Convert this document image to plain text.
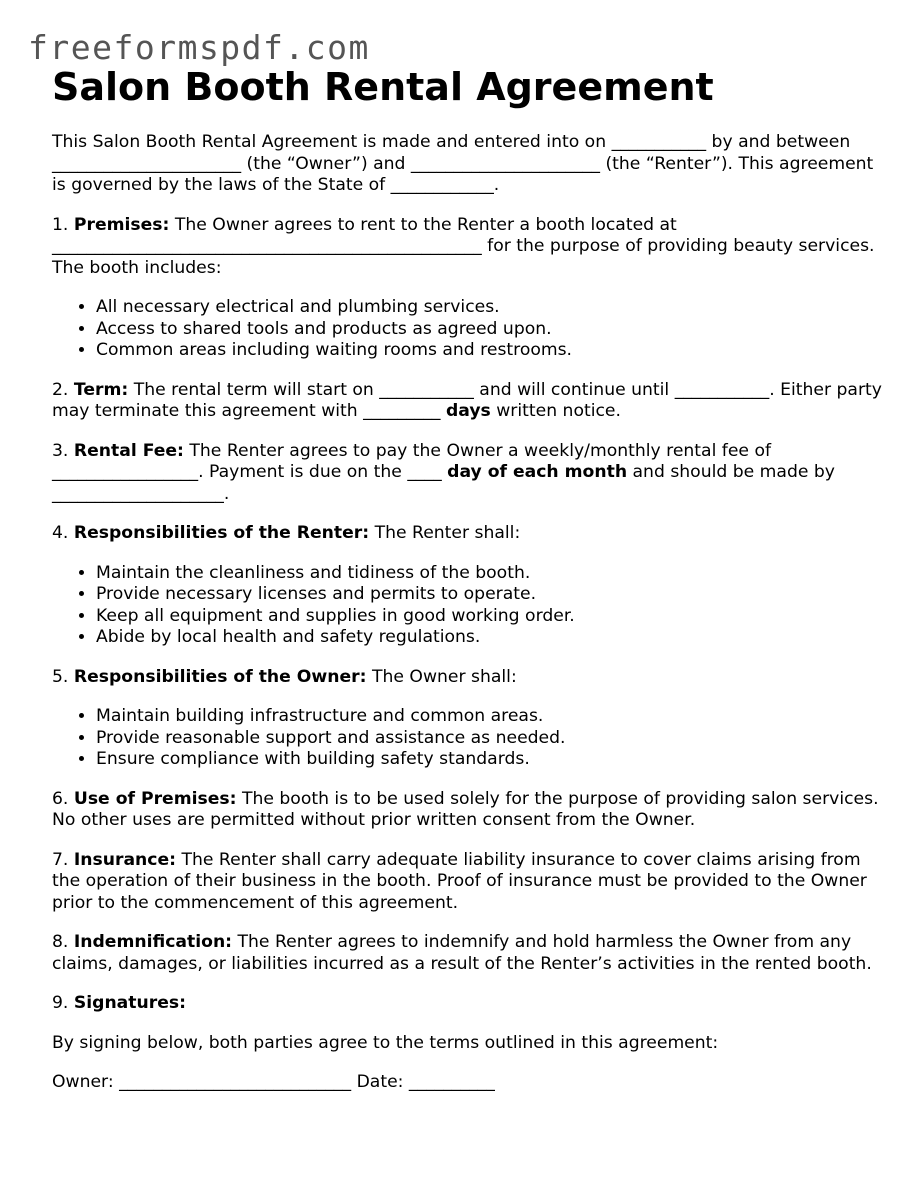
freeformspdf.com
Salon Booth Rental Agreement

This Salon Booth Rental Agreement is made and entered into on ___________ by and between ______________________ (the “Owner”) and ______________________ (the “Renter”). This agreement is governed by the laws of the State of ____________.

1. Premises: The Owner agrees to rent to the Renter a booth located at __________________________________________________ for the purpose of providing beauty services. The booth includes:

• All necessary electrical and plumbing services.
• Access to shared tools and products as agreed upon.
• Common areas including waiting rooms and restrooms.

2. Term: The rental term will start on ___________ and will continue until ___________. Either party may terminate this agreement with _________ days written notice.

3. Rental Fee: The Renter agrees to pay the Owner a weekly/monthly rental fee of _________________. Payment is due on the ____ day of each month and should be made by ____________________.

4. Responsibilities of the Renter: The Renter shall:

• Maintain the cleanliness and tidiness of the booth.
• Provide necessary licenses and permits to operate.
• Keep all equipment and supplies in good working order.
• Abide by local health and safety regulations.

5. Responsibilities of the Owner: The Owner shall:

• Maintain building infrastructure and common areas.
• Provide reasonable support and assistance as needed.
• Ensure compliance with building safety standards.

6. Use of Premises: The booth is to be used solely for the purpose of providing salon services. No other uses are permitted without prior written consent from the Owner.

7. Insurance: The Renter shall carry adequate liability insurance to cover claims arising from the operation of their business in the booth. Proof of insurance must be provided to the Owner prior to the commencement of this agreement.

8. Indemnification: The Renter agrees to indemnify and hold harmless the Owner from any claims, damages, or liabilities incurred as a result of the Renter’s activities in the rented booth.

9. Signatures:

By signing below, both parties agree to the terms outlined in this agreement:

Owner: ___________________________ Date: __________
